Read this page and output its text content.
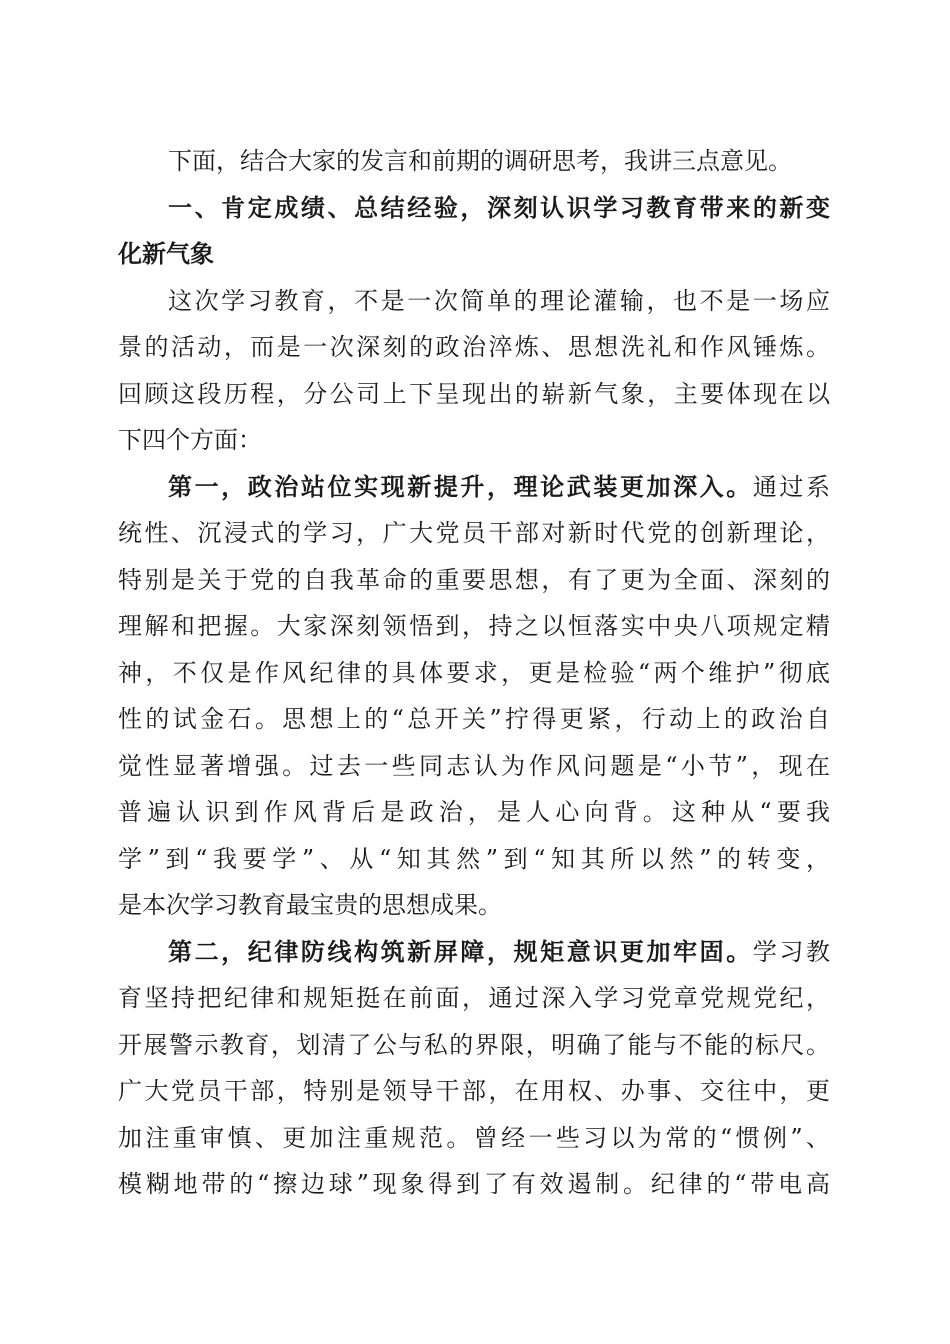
下面，结合大家的发言和前期的调研思考，我讲三点意见。
一、肯定成绩、总结经验，深刻认识学习教育带来的新变
化新气象
这次学习教育，不是一次简单的理论灌输，也不是一场应
景的活动，而是一次深刻的政治淬炼、思想洗礼和作风锤炼。
回顾这段历程，分公司上下呈现出的崭新气象，主要体现在以
下四个方面：
第一，政治站位实现新提升，理论武装更加深入。通过系
统性、沉浸式的学习，广大党员干部对新时代党的创新理论，
特别是关于党的自我革命的重要思想，有了更为全面、深刻的
理解和把握。大家深刻领悟到，持之以恒落实中央八项规定精
神，不仅是作风纪律的具体要求，更是检验“两个维护”彻底
性的试金石。思想上的“总开关”拧得更紧，行动上的政治自
觉性显著增强。过去一些同志认为作风问题是“小节”，现在
普遍认识到作风背后是政治，是人心向背。这种从“要我
学”到“我要学”、从“知其然”到“知其所以然”的转变，
是本次学习教育最宝贵的思想成果。
第二，纪律防线构筑新屏障，规矩意识更加牢固。学习教
育坚持把纪律和规矩挺在前面，通过深入学习党章党规党纪，
开展警示教育，划清了公与私的界限，明确了能与不能的标尺。
广大党员干部，特别是领导干部，在用权、办事、交往中，更
加注重审慎、更加注重规范。曾经一些习以为常的“惯例”、
模糊地带的“擦边球”现象得到了有效遏制。纪律的“带电高
